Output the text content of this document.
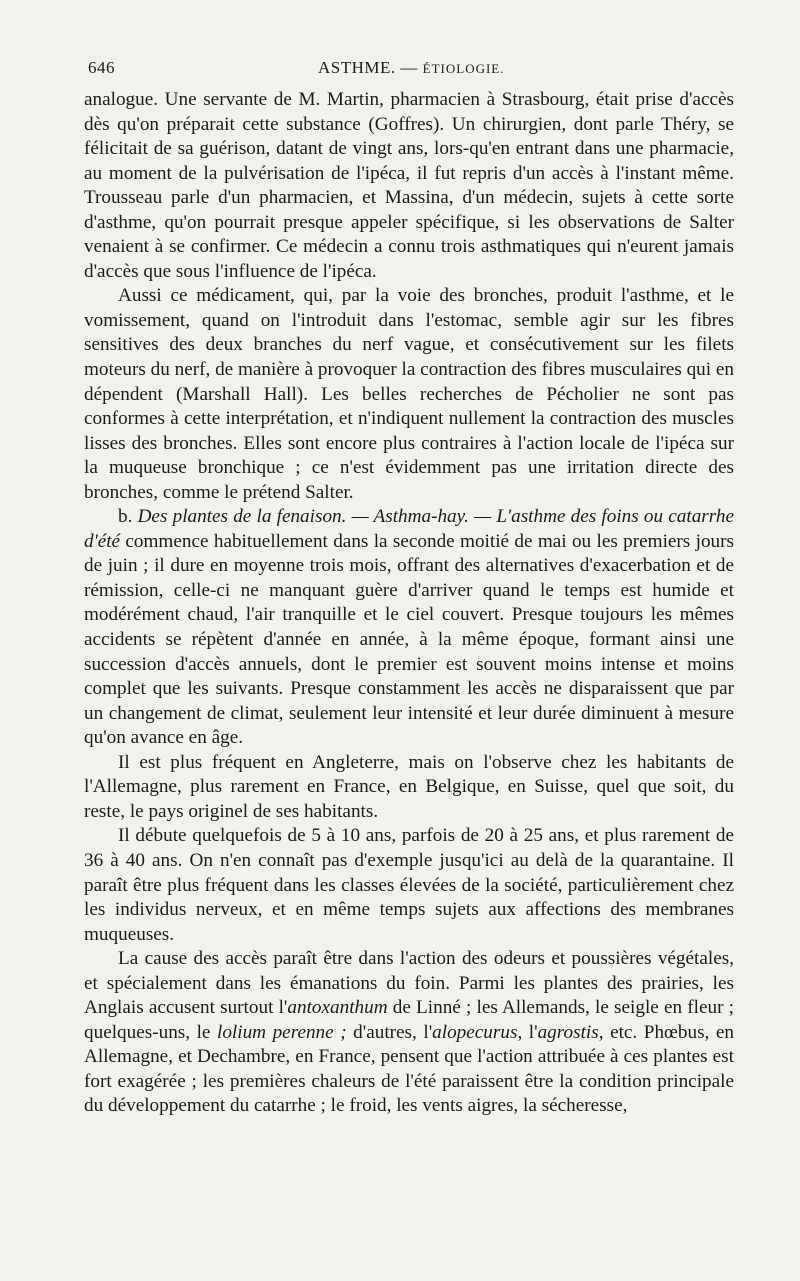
646	ASTHME. — ÉTIOLOGIE.

analogue. Une servante de M. Martin, pharmacien à Strasbourg, était prise d'accès dès qu'on préparait cette substance (Goffres). Un chirurgien, dont parle Théry, se félicitait de sa guérison, datant de vingt ans, lors-qu'en entrant dans une pharmacie, au moment de la pulvérisation de l'ipéca, il fut repris d'un accès à l'instant même. Trousseau parle d'un pharmacien, et Massina, d'un médecin, sujets à cette sorte d'asthme, qu'on pourrait presque appeler spécifique, si les observations de Salter venaient à se confirmer. Ce médecin a connu trois asthmatiques qui n'eurent jamais d'accès que sous l'influence de l'ipéca.

Aussi ce médicament, qui, par la voie des bronches, produit l'asthme, et le vomissement, quand on l'introduit dans l'estomac, semble agir sur les fibres sensitives des deux branches du nerf vague, et consécutivement sur les filets moteurs du nerf, de manière à provoquer la contraction des fibres musculaires qui en dépendent (Marshall Hall). Les belles recherches de Pécholier ne sont pas conformes à cette interprétation, et n'indiquent nullement la contraction des muscles lisses des bronches. Elles sont encore plus contraires à l'action locale de l'ipéca sur la muqueuse bronchique ; ce n'est évidemment pas une irritation directe des bronches, comme le prétend Salter.

b. Des plantes de la fenaison. — Asthma-hay. — L'asthme des foins ou catarrhe d'été commence habituellement dans la seconde moitié de mai ou les premiers jours de juin ; il dure en moyenne trois mois, offrant des alternatives d'exacerbation et de rémission, celle-ci ne manquant guère d'arriver quand le temps est humide et modérément chaud, l'air tranquille et le ciel couvert. Presque toujours les mêmes accidents se répètent d'année en année, à la même époque, formant ainsi une succession d'accès annuels, dont le premier est souvent moins intense et moins complet que les suivants. Presque constamment les accès ne disparaissent que par un changement de climat, seulement leur intensité et leur durée diminuent à mesure qu'on avance en âge.

Il est plus fréquent en Angleterre, mais on l'observe chez les habitants de l'Allemagne, plus rarement en France, en Belgique, en Suisse, quel que soit, du reste, le pays originel de ses habitants.

Il débute quelquefois de 5 à 10 ans, parfois de 20 à 25 ans, et plus rarement de 36 à 40 ans. On n'en connaît pas d'exemple jusqu'ici au delà de la quarantaine. Il paraît être plus fréquent dans les classes élevées de la société, particulièrement chez les individus nerveux, et en même temps sujets aux affections des membranes muqueuses.

La cause des accès paraît être dans l'action des odeurs et poussières végétales, et spécialement dans les émanations du foin. Parmi les plantes des prairies, les Anglais accusent surtout l'antoxanthum de Linné ; les Allemands, le seigle en fleur ; quelques-uns, le lolium perenne ; d'autres, l'alopecurus, l'agrostis, etc. Phœbus, en Allemagne, et Dechambre, en France, pensent que l'action attribuée à ces plantes est fort exagérée ; les premières chaleurs de l'été paraissent être la condition principale du développement du catarrhe ; le froid, les vents aigres, la sécheresse,
